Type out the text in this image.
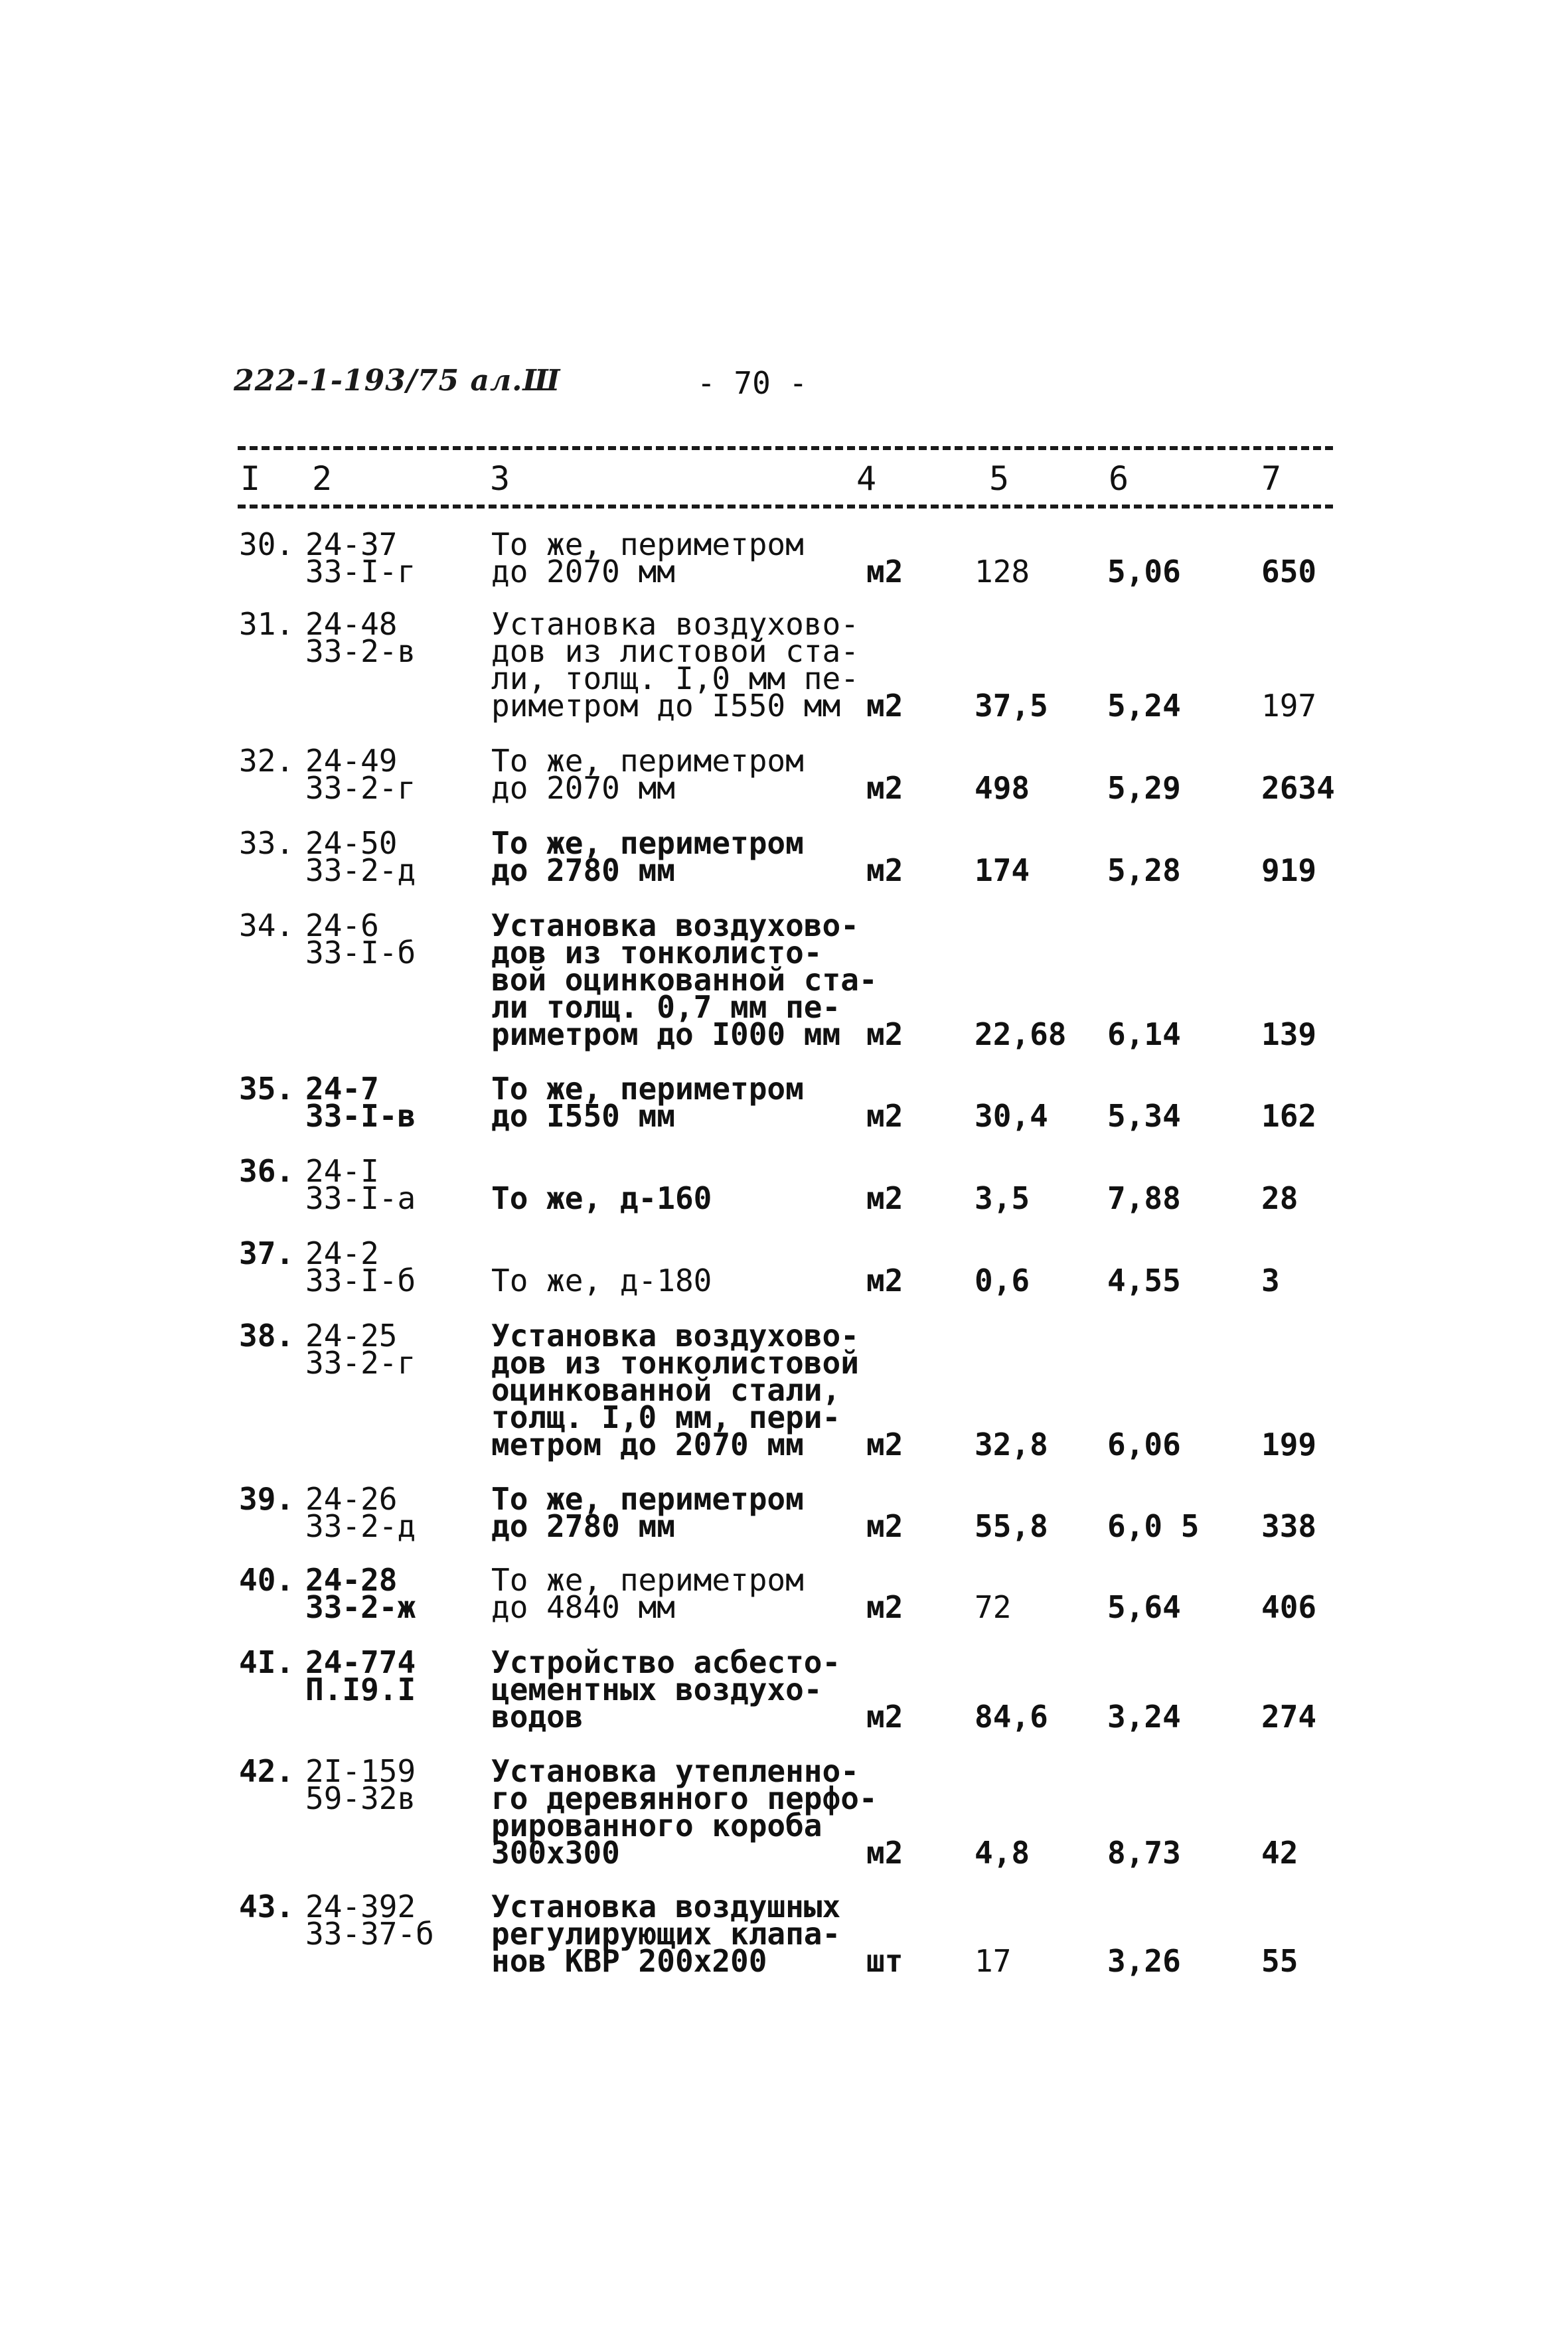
222-1-193/75 ал.Ш	- 70 -
I 2	3	4	5	6	7
30. 24-37
33-I-г
То же, периметром
до 2070 мм	м2 128	5,06	650
31. 24-48
33-2-в
Установка воздухово-
дов из листовой ста-
ли, толщ. I,0 мм пе-
риметром до I550 мм м2 37,5 5,24	197
32. 24-49
33-2-г
То же, периметром
до 2070 мм	м2 498	5,29	2634
33. 24-50
33-2-д
То же, периметром
до 2780 мм	м2 174	5,28	919
34. 24-6
33-I-б
Установка воздухово-
дов из тонколисто-
вой оцинкованной ста-
ли толщ. 0,7 мм пе-
риметром до I000 мм м2 22,68 6,14	139
35. 24-7
33-I-в
То же, периметром
до I550 мм	м2 30,4 5,34	162
36. 24-I
33-I-а
То же, д-160	м2 3,5	7,88	28
37. 24-2
33-I-б
То же, д-180	м2 0,6	4,55	3
38. 24-25
33-2-г
Установка воздухово-
дов из тонколистовой
оцинкованной стали,
толщ. I,0 мм, пери-
метром до 2070 мм	м2 32,8 6,06	199
39. 24-26
33-2-д
То же, периметром
до 2780 мм	м2 55,8 6,0 5 338
40. 24-28
33-2-ж
То же, периметром
до 4840 мм	м2 72	5,64	406
4I. 24-774
П.I9.I
Устройство асбесто-
цементных воздухо-
водов	м2 84,6 3,24	274
42. 2I-159
59-32в
Установка утепленно-
го деревянного перфо-
рированного короба
300х300	м2 4,8	8,73	42
43. 24-392
33-37-б
Установка воздушных
регулирующих клапа-
нов КВР 200х200	шт 17	3,26	55
